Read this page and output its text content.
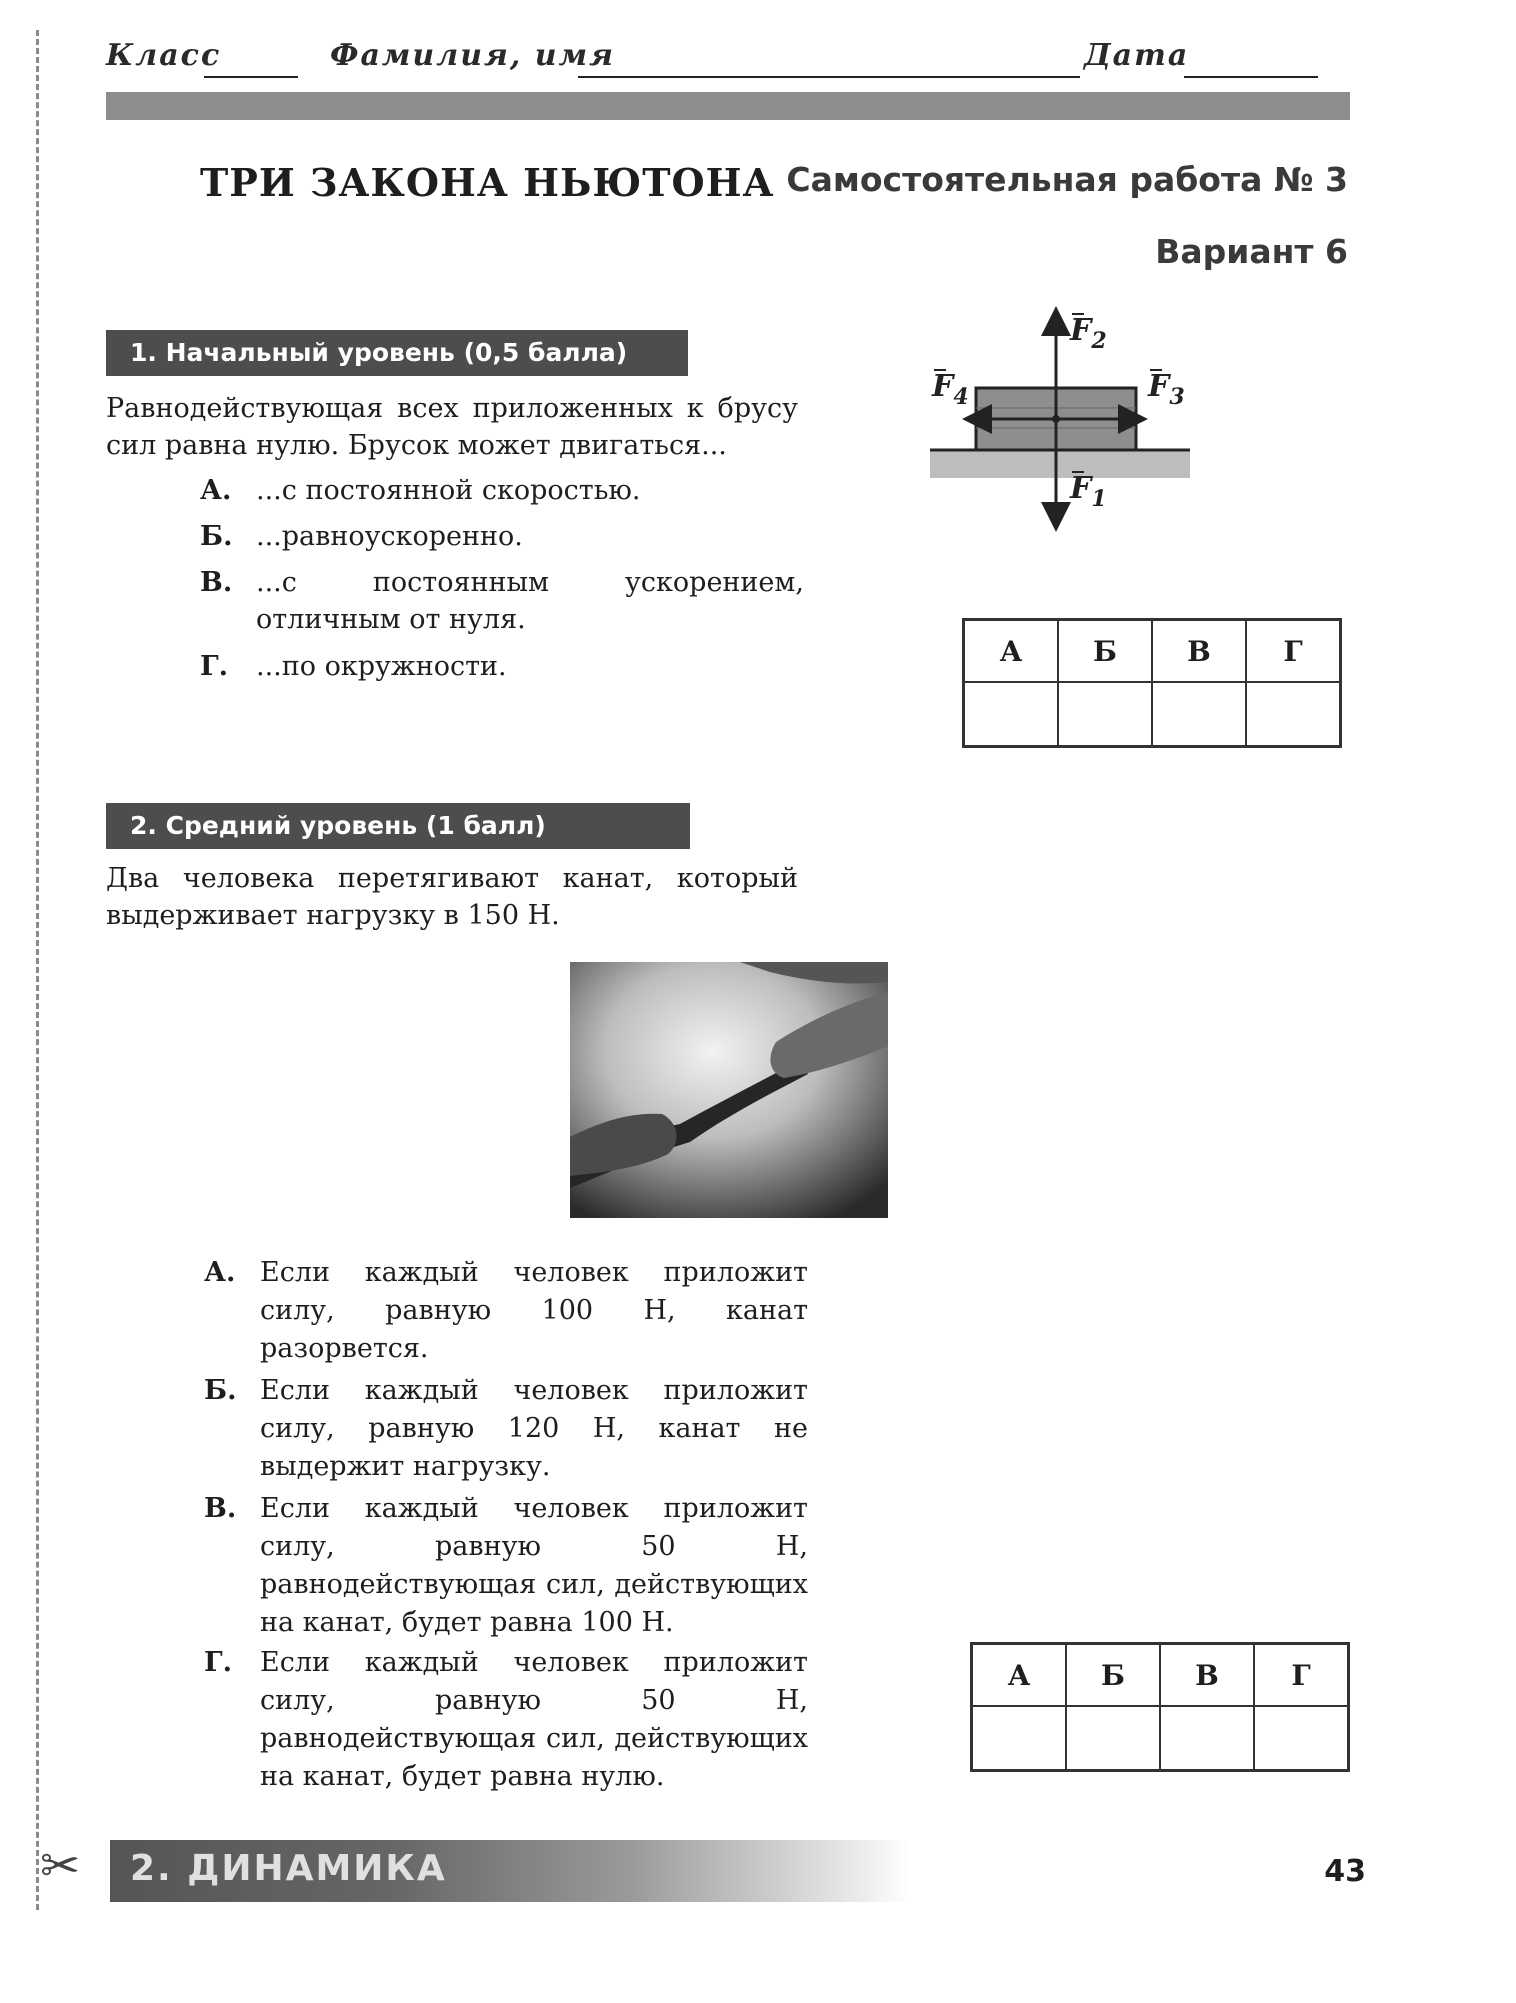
Класс	Фамилия, имя	Дата
ТРИ ЗАКОНА НЬЮТОНА Самостоятельная работа № 3
Вариант 6
1. Начальный уровень (0,5 балла)
Равнодействующая всех приложенных к брусу сил равна нулю. Брусок может двигаться...
А. ...с постоянной скоростью.
Б. ...равноускоренно.
В. ...с постоянным ускорением, отличным от нуля.
Г. ...по окружности.
$F_2$
$F_3$
$F_4$
$F_1$
А	Б	В	Г

2. Средний уровень (1 балл)
Два человека перетягивают канат, который выдерживает нагрузку в 150 Н.
А. Если каждый человек приложит силу, равную 100 Н, канат разорвется.
Б. Если каждый человек приложит силу, равную 120 Н, канат не выдержит нагрузку.
В. Если каждый человек приложит силу, равную 50 Н, равнодействующая сил, действующих на канат, будет равна 100 Н.
Г. Если каждый человек приложит силу, равную 50 Н, равнодействующая сил, действующих на канат, будет равна нулю.
А	Б	В	Г

2. ДИНАМИКА
✂	43
